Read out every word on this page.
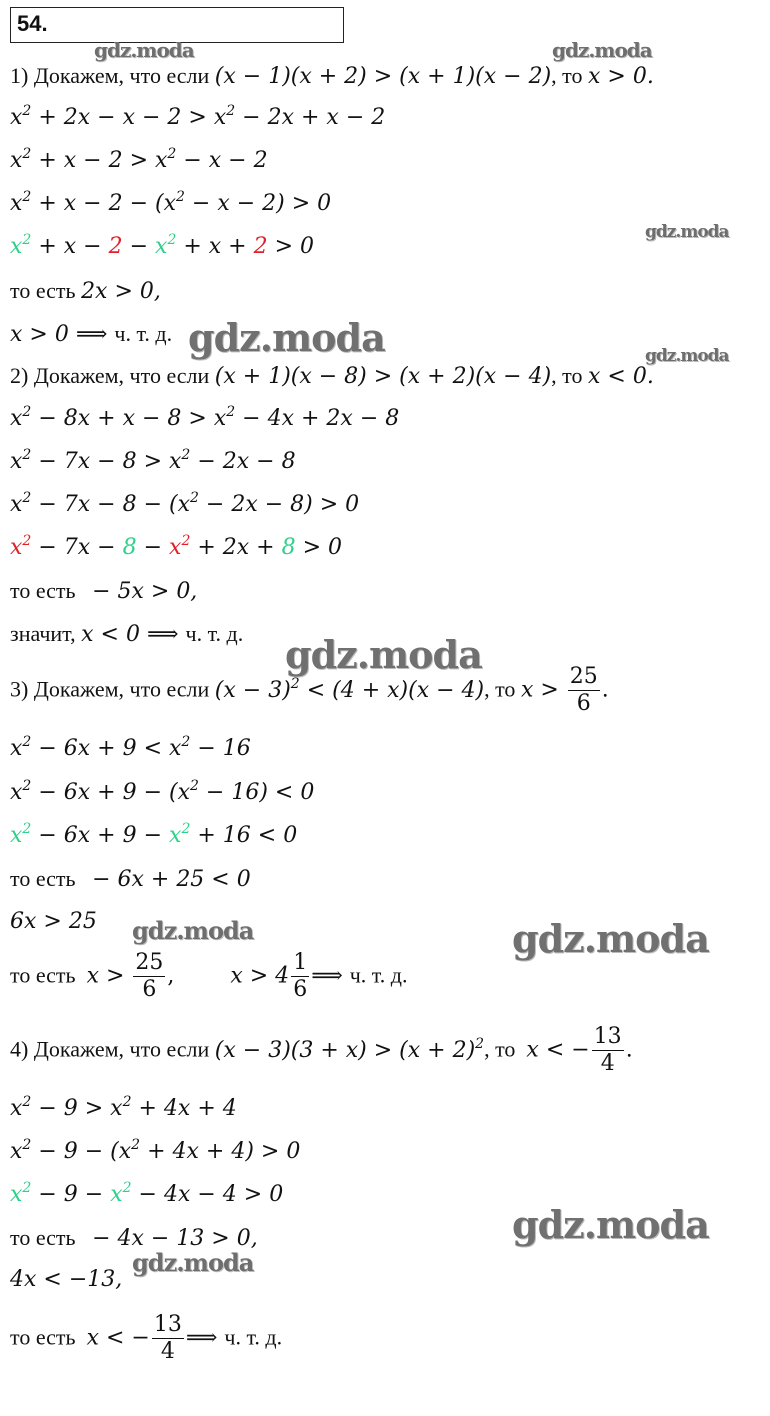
54.
1) Докажем, что если (x − 1)(x + 2) > (x + 1)(x − 2), то x > 0.
$x^2 + 2x - x - 2 > x^2 - 2x + x - 2$
$x^2 + x - 2 > x^2 - x - 2$
$x^2 + x - 2 - (x^2 - x - 2) > 0$
$x^2 + x - 2 - x^2 + x + 2 > 0$
то есть 2x > 0,
x > 0 ⟹ ч. т. д.
2) Докажем, что если (x + 1)(x − 8) > (x + 2)(x − 4), то x < 0.
$x^2 - 8x + x - 8 > x^2 - 4x + 2x - 8$
$x^2 - 7x - 8 > x^2 - 2x - 8$
$x^2 - 7x - 8 - (x^2 - 2x - 8) > 0$
$x^2 - 7x - 8 - x^2 + 2x + 8 > 0$
то есть   − 5x > 0,
значит, x < 0 ⟹ ч. т. д.
3) Докажем, что если $(x - 3)^2 < (4 + x)(x - 4)$, то $x > \frac{25}{6}$ .
$x^2 - 6x + 9 < x^2 - 16$
$x^2 - 6x + 9 - (x^2 - 16) < 0$
$x^2 - 6x + 9 - x^2 + 16 < 0$
то есть   − 6x + 25 < 0
6x > 25
то есть  $x > \frac{25}{6}$ ,        $x > 4 \frac{1}{6}$ ⟹ ч. т. д.
4) Докажем, что если $(x - 3)(3 + x) > (x + 2)^2$, то  x < − $\frac{13}{4}$ .
$x^2 - 9 > x^2 + 4x + 4$
$x^2 - 9 - (x^2 + 4x + 4) > 0$
$x^2 - 9 - x^2 - 4x - 4 > 0$
то есть   − 4x − 13 > 0,
4x < −13,
то есть  x < − $\frac{13}{4}$ ⟹ ч. т. д.
gdz.moda	gdz.moda
gdz.moda
gdz.moda
gdz.moda
gdz.moda
gdz.moda	gdz.moda
gdz.moda
gdz.moda
